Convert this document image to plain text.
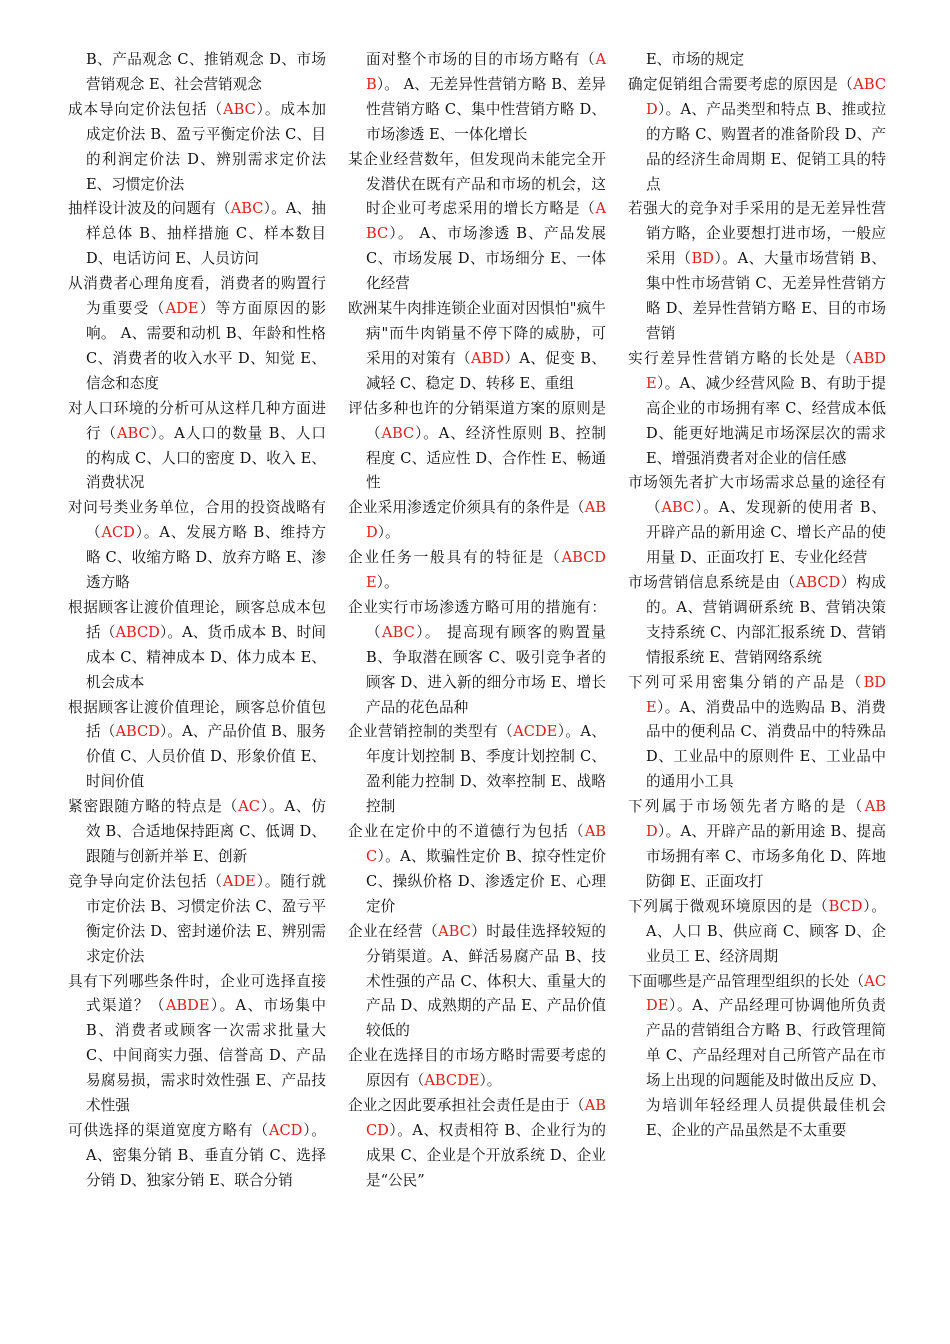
B、产品观念 C、推销观念 D、市场营销观念 E、社会营销观念

成本导向定价法包括（ABC）。成本加成定价法 B、盈亏平衡定价法 C、目的利润定价法 D、辨别需求定价法 E、习惯定价法

抽样设计波及的问题有（ABC）。A、抽样总体 B、抽样措施 C、样本数目 D、电话访问 E、人员访问

从消费者心理角度看，消费者的购置行为重要受（ADE）等方面原因的影响。 A、需要和动机 B、年龄和性格 C、消费者的收入水平 D、知觉 E、信念和态度

对人口环境的分析可从这样几种方面进行（ABC）。A人口的数量 B、人口的构成 C、人口的密度 D、收入 E、消费状况

对问号类业务单位，合用的投资战略有（ACD）。A、发展方略 B、维持方略 C、收缩方略 D、放弃方略 E、渗透方略

根据顾客让渡价值理论，顾客总成本包括（ABCD）。A、货币成本 B、时间成本 C、精神成本 D、体力成本 E、机会成本

根据顾客让渡价值理论，顾客总价值包括（ABCD）。A、产品价值 B、服务价值 C、人员价值 D、形象价值 E、时间价值

紧密跟随方略的特点是（AC）。A、仿效 B、合适地保持距离 C、低调 D、跟随与创新并举 E、创新

竞争导向定价法包括（ADE）。随行就市定价法 B、习惯定价法 C、盈亏平衡定价法 D、密封递价法 E、辨别需求定价法

具有下列哪些条件时，企业可选择直接式渠道？（ABDE）。A、市场集中 B、消费者或顾客一次需求批量大 C、中间商实力强、信誉高 D、产品易腐易损，需求时效性强 E、产品技术性强

可供选择的渠道宽度方略有（ACD）。A、密集分销 B、垂直分销 C、选择分销 D、独家分销 E、联合分销

面对整个市场的目的市场方略有（AB）。 A、无差异性营销方略 B、差异性营销方略 C、集中性营销方略 D、市场渗透 E、一体化增长

某企业经营数年，但发现尚未能完全开发潜伏在既有产品和市场的机会，这时企业可考虑采用的增长方略是（ABC）。 A、市场渗透 B、产品发展 C、市场发展 D、市场细分 E、一体化经营

欧洲某牛肉排连锁企业面对因惧怕"疯牛病"而牛肉销量不停下降的威胁，可采用的对策有（ABD）A、促变 B、减轻 C、稳定 D、转移 E、重组

评估多种也许的分销渠道方案的原则是（ABC）。A、经济性原则 B、控制程度 C、适应性 D、合作性 E、畅通性

企业采用渗透定价须具有的条件是（ABD）。

企业任务一般具有的特征是（ABCDE）。

企业实行市场渗透方略可用的措施有：（ABC）。 提高现有顾客的购置量 B、争取潜在顾客 C、吸引竞争者的顾客 D、进入新的细分市场 E、增长产品的花色品种

企业营销控制的类型有（ACDE）。A、年度计划控制 B、季度计划控制 C、盈利能力控制 D、效率控制 E、战略控制

企业在定价中的不道德行为包括（ABC）。A、欺骗性定价 B、掠夺性定价 C、操纵价格 D、渗透定价 E、心理定价

企业在经营（ABC）时最佳选择较短的分销渠道。A、鲜活易腐产品 B、技术性强的产品 C、体积大、重量大的产品 D、成熟期的产品 E、产品价值较低的

企业在选择目的市场方略时需要考虑的原因有（ABCDE）。

企业之因此要承担社会责任是由于（ABCD）。A、权责相符 B、企业行为的成果 C、企业是个开放系统 D、企业是“公民”

E、市场的规定

确定促销组合需要考虑的原因是（ABCD）。A、产品类型和特点 B、推或拉的方略 C、购置者的准备阶段 D、产品的经济生命周期 E、促销工具的特点

若强大的竞争对手采用的是无差异性营销方略，企业要想打进市场，一般应采用（BD）。A、大量市场营销 B、集中性市场营销 C、无差异性营销方略 D、差异性营销方略 E、目的市场营销

实行差异性营销方略的长处是（ABDE）。A、减少经营风险 B、有助于提高企业的市场拥有率 C、经营成本低 D、能更好地满足市场深层次的需求 E、增强消费者对企业的信任感

市场领先者扩大市场需求总量的途径有（ABC）。A、发现新的使用者 B、开辟产品的新用途 C、增长产品的使用量 D、正面攻打 E、专业化经营

市场营销信息系统是由（ABCD）构成的。A、营销调研系统 B、营销决策支持系统 C、内部汇报系统 D、营销情报系统 E、营销网络系统

下列可采用密集分销的产品是（BDE）。A、消费品中的选购品 B、消费品中的便利品 C、消费品中的特殊品 D、工业品中的原则件 E、工业品中的通用小工具

下列属于市场领先者方略的是（ABD）。A、开辟产品的新用途 B、提高市场拥有率 C、市场多角化 D、阵地防御 E、正面攻打

下列属于微观环境原因的是（BCD）。 A、人口 B、供应商 C、顾客 D、企业员工 E、经济周期

下面哪些是产品管理型组织的长处（ACDE）。A、产品经理可协调他所负责产品的营销组合方略 B、行政管理简单 C、产品经理对自己所管产品在市场上出现的问题能及时做出反应 D、为培训年轻经理人员提供最佳机会 E、企业的产品虽然是不太重要
